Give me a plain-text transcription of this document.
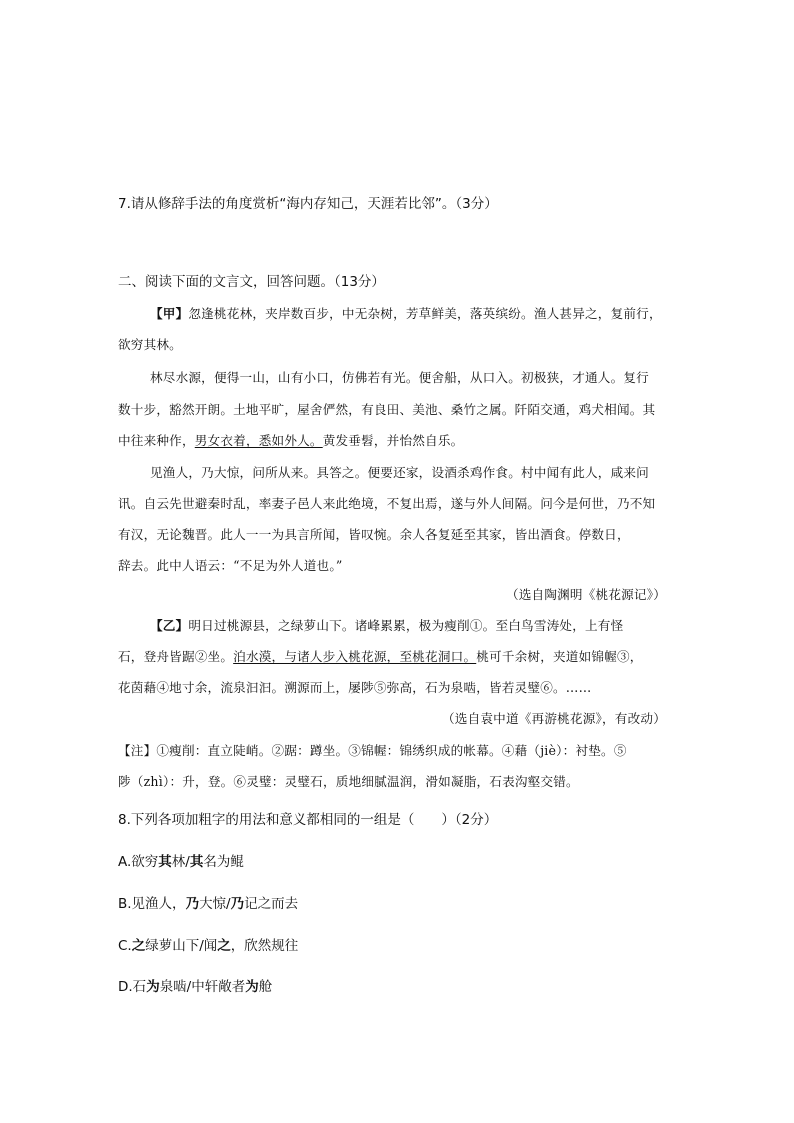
7.请从修辞手法的角度赏析“海内存知己，天涯若比邻”。（3分）
二、阅读下面的文言文，回答问题。（13分）
【甲】忽逢桃花林，夹岸数百步，中无杂树，芳草鲜美，落英缤纷。渔人甚异之，复前行，
欲穷其林。
林尽水源，便得一山，山有小口，仿佛若有光。便舍船，从口入。初极狭，才通人。复行
数十步，豁然开朗。土地平旷，屋舍俨然，有良田、美池、桑竹之属。阡陌交通，鸡犬相闻。其
中往来种作，男女衣着，悉如外人。黄发垂髫，并怡然自乐。
见渔人，乃大惊，问所从来。具答之。便要还家，设酒杀鸡作食。村中闻有此人，咸来问
讯。自云先世避秦时乱，率妻子邑人来此绝境，不复出焉，遂与外人间隔。问今是何世，乃不知
有汉，无论魏晋。此人一一为具言所闻，皆叹惋。余人各复延至其家，皆出酒食。停数日，
辞去。此中人语云：“不足为外人道也。”
（选自陶渊明《桃花源记》）
【乙】明日过桃源县，之绿萝山下。诸峰累累，极为瘦削①。至白鸟雪涛处，上有怪
石，登舟皆踞②坐。泊水漠，与诸人步入桃花源，至桃花洞口。桃可千余树，夹道如锦幄③，
花茵藉④地寸余，流泉汩汩。溯源而上，屡陟⑤弥高，石为泉啮，皆若灵璧⑥。……
（选自袁中道《再游桃花源》，有改动）
【注】①瘦削：直立陡峭。②踞：蹲坐。③锦幄：锦绣织成的帐幕。④藉（jiè）：衬垫。⑤
陟（zhì）：升，登。⑥灵璧：灵璧石，质地细腻温润，滑如凝脂，石表沟壑交错。
8.下列各项加粗字的用法和意义都相同的一组是（　　）（2分）
A.欲穷其林/其名为鲲
B.见渔人，乃大惊/乃记之而去
C.之绿萝山下/闻之，欣然规往
D.石为泉啮/中轩敞者为舱
